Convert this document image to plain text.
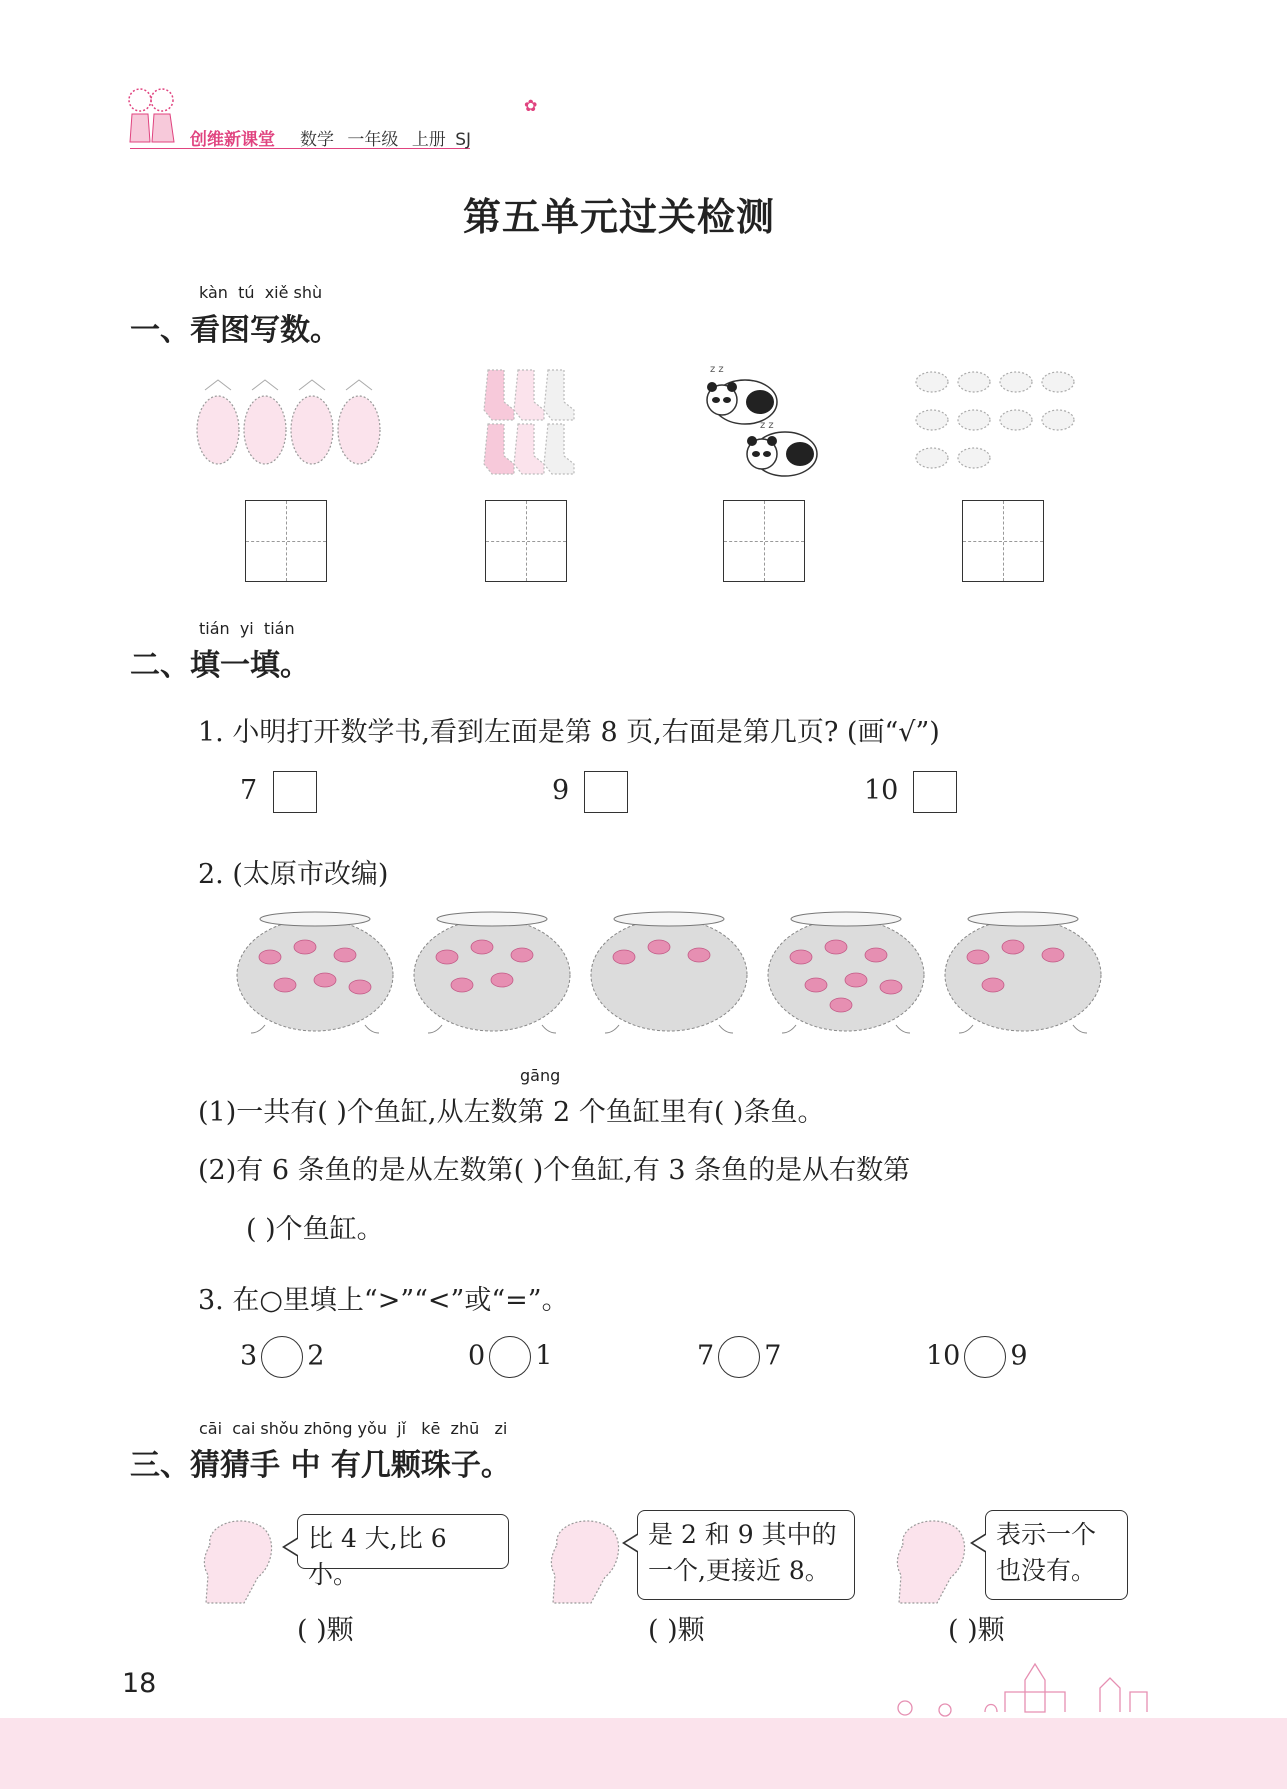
创维新课堂 数学 一年级 上册 SJ
✿
第五单元过关检测
kàn  tú  xiě shù
一、看图写数。
z z
z z
tián  yi  tián
二、填一填。
1. 小明打开数学书,看到左面是第 8 页,右面是第几页? (画“√”)
7	9	10
2. (太原市改编)
gāng
(1)一共有( )个鱼缸,从左数第 2 个鱼缸里有( )条鱼。
(2)有 6 条鱼的是从左数第( )个鱼缸,有 3 条鱼的是从右数第
( )个鱼缸。
3. 在○里填上“>”“<”或“=”。
3 2	0 1	7 7	10 9
cāi  cai shǒu zhōng yǒu  jǐ   kē  zhū   zi
三、猜猜手 中 有几颗珠子。
比 4 大,比 6 小。
是 2 和 9 其中的
一个,更接近 8。
表示一个
也没有。
( )颗	( )颗	( )颗
18
